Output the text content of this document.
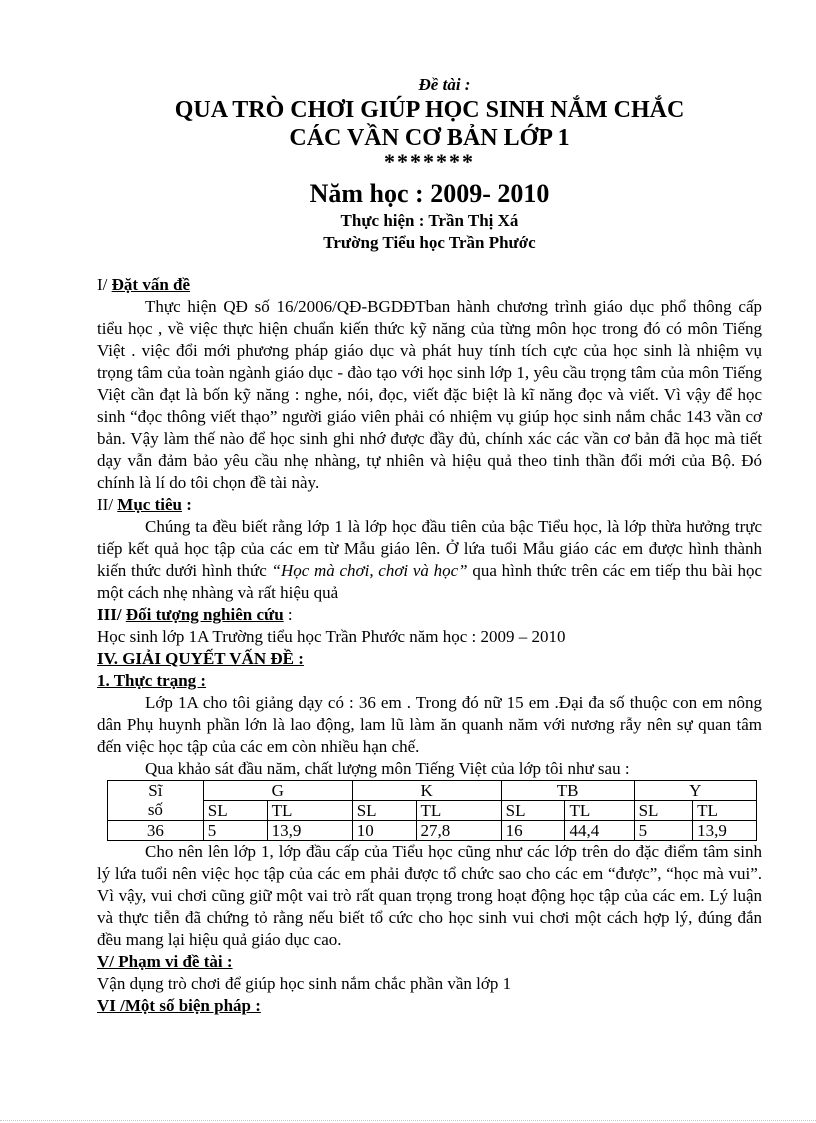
Đề tài :
QUA TRÒ CHƠI GIÚP HỌC SINH NẮM CHẮC
CÁC VẦN CƠ BẢN LỚP 1
*******
Năm học : 2009- 2010
Thực hiện : Trần Thị Xá
Trường Tiểu học Trần Phước
I/ Đặt vấn đề

Thực hiện QĐ số 16/2006/QĐ-BGDĐTban hành chương trình giáo dục phổ thông cấp tiểu học , về việc thực hiện chuẩn kiến thức kỹ năng của từng môn học trong đó có môn Tiếng Việt . việc đổi mới phương pháp giáo dục và phát huy tính tích cực của học sinh là nhiệm vụ trọng tâm của toàn ngành giáo dục - đào tạo với học sinh lớp 1, yêu cầu trọng tâm của môn Tiếng Việt cần đạt là bốn kỹ năng : nghe, nói, đọc, viết đặc biệt là kĩ năng đọc và viết. Vì vậy để học sinh “đọc thông viết thạo” người giáo viên phải có nhiệm vụ giúp học sinh nắm chắc 143 vần cơ bản. Vậy làm thế nào để học sinh ghi nhớ được đầy đủ, chính xác các vần cơ bản đã học mà tiết dạy vẫn đảm bảo yêu cầu nhẹ nhàng, tự nhiên và hiệu quả theo tinh thần đổi mới của Bộ. Đó chính là lí do tôi chọn đề tài này.

II/ Mục tiêu :

Chúng ta đều biết rằng lớp 1 là lớp học đầu tiên của bậc Tiểu học, là lớp thừa hưởng trực tiếp kết quả học tập của các em từ Mẫu giáo lên. Ở lứa tuổi Mẫu giáo các em được hình thành kiến thức dưới hình thức “Học mà chơi, chơi và học” qua hình thức trên các em tiếp thu bài học một cách nhẹ nhàng và rất hiệu quả

III/ Đối tượng nghiên cứu :

Học sinh lớp 1A Trường tiểu học Trần Phước năm học : 2009 – 2010

IV. GIẢI QUYẾT VẤN ĐỀ :
1. Thực trạng :

Lớp 1A cho tôi giảng dạy có : 36 em . Trong đó nữ 15 em .Đại đa số thuộc con em nông dân Phụ huynh phần lớn là lao động, lam lũ làm ăn quanh năm với nương rẫy nên sự quan tâm đến việc học tập của các em còn nhiều hạn chế.

Qua khảo sát đầu năm, chất lượng môn Tiếng Việt của lớp tôi như sau :

Sĩ
số	G		K		TB		Y	
	SL	TL	SL	TL	SL	TL	SL	TL
36	5	13,9	10	27,8	16	44,4	5	13,9

Cho nên lên lớp 1, lớp đầu cấp của Tiểu học cũng như các lớp trên do đặc điểm tâm sinh lý lứa tuổi nên việc học tập của các em phải được tổ chức sao cho các em “được”, “học mà vui”. Vì vậy, vui chơi cũng giữ một vai trò rất quan trọng trong hoạt động học tập của các em. Lý luận và thực tiễn đã chứng tỏ rằng nếu biết tổ cức cho học sinh vui chơi một cách hợp lý, đúng đắn đều mang lại hiệu quả giáo dục cao.

V/ Phạm vi đề tài :

Vận dụng trò chơi để giúp học sinh nắm chắc phần vần lớp 1

VI /Một số biện pháp :
